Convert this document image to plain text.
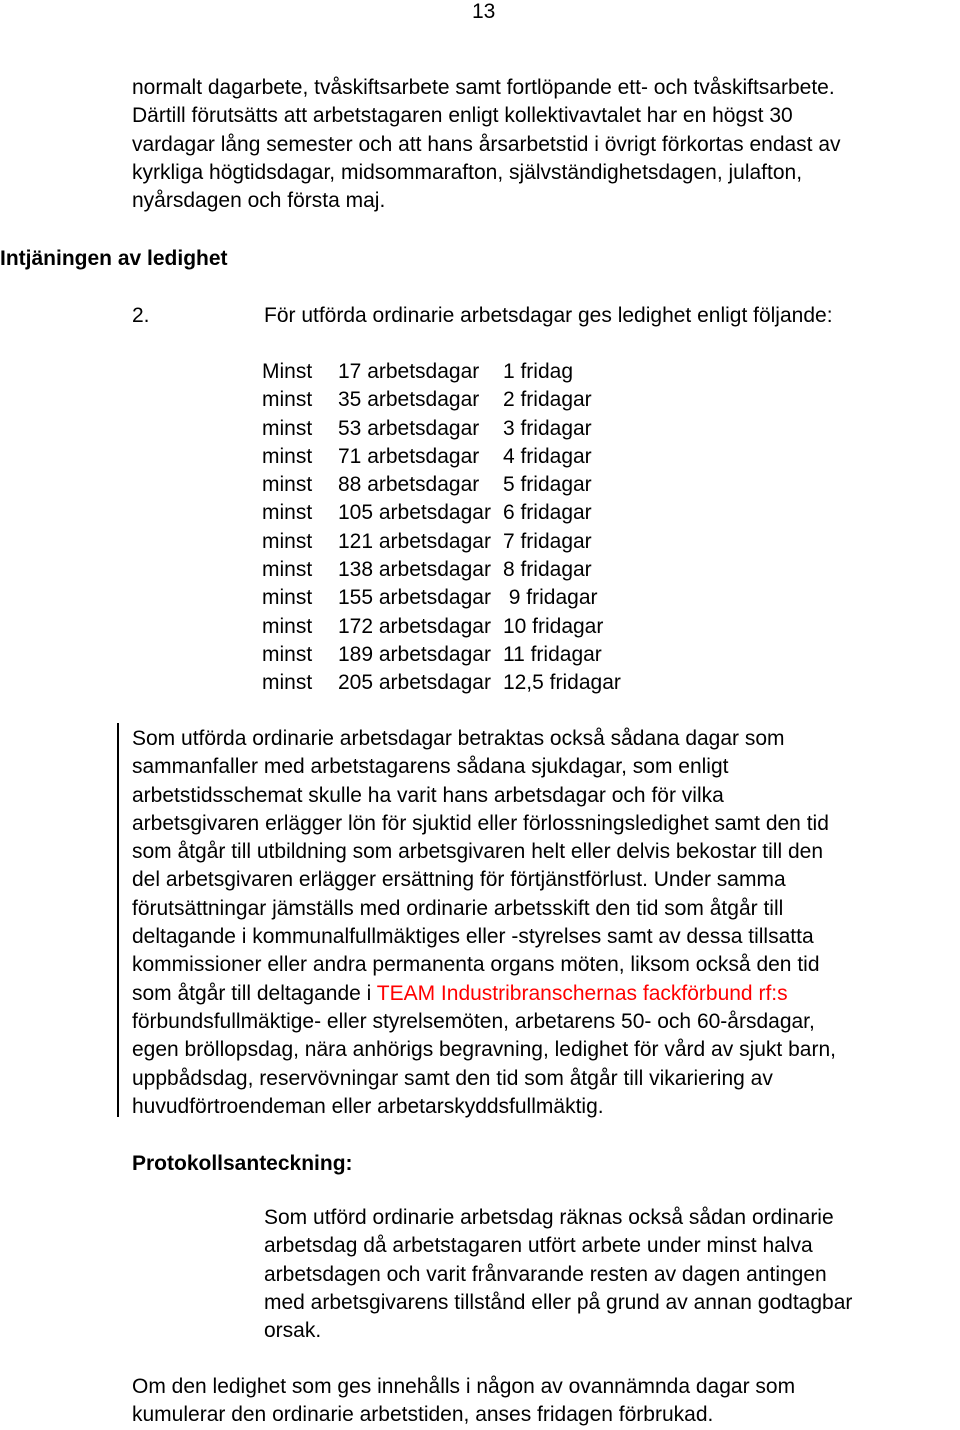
13
normalt dagarbete, tvåskiftsarbete samt fortlöpande ett- och tvåskiftsarbete.
Därtill förutsätts att arbetstagaren enligt kollektivavtalet har en högst 30
vardagar lång semester och att hans årsarbetstid i övrigt förkortas endast av
kyrkliga högtidsdagar, midsommarafton, självständighetsdagen, julafton,
nyårsdagen och första maj.
Intjäningen av ledighet
2.	För utförda ordinarie arbetsdagar ges ledighet enligt följande:
Minst	17 arbetsdagar		1 fridag
minst	35 arbetsdagar		2 fridagar
minst	53 arbetsdagar		3 fridagar
minst	71 arbetsdagar		4 fridagar
minst	88 arbetsdagar		5 fridagar
minst	105 arbetsdagar		6 fridagar
minst	121 arbetsdagar		7 fridagar
minst	138 arbetsdagar		8 fridagar
minst	155 arbetsdagar		9 fridagar
minst	172 arbetsdagar		10 fridagar
minst	189 arbetsdagar		11 fridagar
minst	205 arbetsdagar		12,5 fridagar
Som utförda ordinarie arbetsdagar betraktas också sådana dagar som
sammanfaller med arbetstagarens sådana sjukdagar, som enligt
arbetstidsschemat skulle ha varit hans arbetsdagar och för vilka
arbetsgivaren erlägger lön för sjuktid eller förlossningsledighet samt den tid
som åtgår till utbildning som arbetsgivaren helt eller delvis bekostar till den
del arbetsgivaren erlägger ersättning för förtjänstförlust. Under samma
förutsättningar jämställs med ordinarie arbetsskift den tid som åtgår till
deltagande i kommunalfullmäktiges eller -styrelses samt av dessa tillsatta
kommissioner eller andra permanenta organs möten, liksom också den tid
som åtgår till deltagande i TEAM Industribranschernas fackförbund rf:s
förbundsfullmäktige- eller styrelsemöten, arbetarens 50- och 60-årsdagar,
egen bröllopsdag, nära anhörigs begravning, ledighet för vård av sjukt barn,
uppbådsdag, reservövningar samt den tid som åtgår till vikariering av
huvudförtroendeman eller arbetarskyddsfullmäktig.
Protokollsanteckning:
Som utförd ordinarie arbetsdag räknas också sådan ordinarie
arbetsdag då arbetstagaren utfört arbete under minst halva
arbetsdagen och varit frånvarande resten av dagen antingen
med arbetsgivarens tillstånd eller på grund av annan godtagbar
orsak.
Om den ledighet som ges innehålls i någon av ovannämnda dagar som
kumulerar den ordinarie arbetstiden, anses fridagen förbrukad.
